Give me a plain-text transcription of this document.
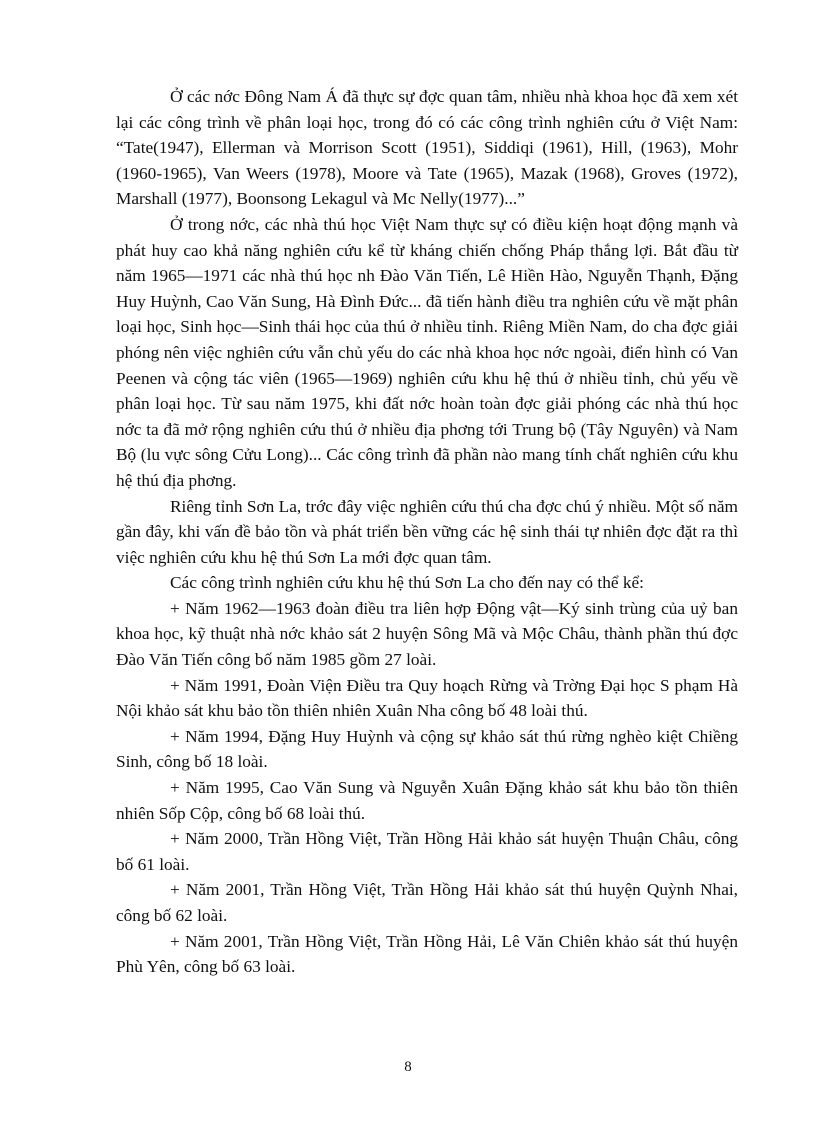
Ở các nớc Đông Nam Á đã thực sự đợc quan tâm, nhiều nhà khoa học đã xem xét lại các công trình về phân loại học, trong đó có các công trình nghiên cứu ở Việt Nam: “Tate(1947), Ellerman và Morrison Scott (1951), Siddiqi (1961), Hill, (1963), Mohr (1960-1965), Van Weers (1978), Moore và Tate (1965), Mazak (1968), Groves (1972), Marshall (1977), Boonsong Lekagul và Mc Nelly(1977)...”

Ở trong nớc, các nhà thú học Việt Nam thực sự có điều kiện hoạt động mạnh và phát huy cao khả năng nghiên cứu kể từ kháng chiến chống Pháp thắng lợi. Bắt đầu từ năm 1965—1971 các nhà thú học nh Đào Văn Tiến, Lê Hiền Hào, Nguyễn Thạnh, Đặng Huy Huỳnh, Cao Văn Sung, Hà Đình Đức... đã tiến hành điều tra nghiên cứu về mặt phân loại học, Sinh học—Sinh thái học của thú ở nhiều tỉnh. Riêng Miền Nam, do cha đợc giải phóng nên việc nghiên cứu vẫn chủ yếu do các nhà khoa học nớc ngoài, điển hình có Van Peenen và cộng tác viên (1965—1969) nghiên cứu khu hệ thú ở nhiều tỉnh, chủ yếu về phân loại học. Từ sau năm 1975, khi đất nớc hoàn toàn đợc giải phóng các nhà thú học nớc ta đã mở rộng nghiên cứu thú ở nhiều địa phơng tới Trung bộ (Tây Nguyên) và Nam Bộ (lu vực sông Cửu Long)... Các công trình đã phần nào mang tính chất nghiên cứu khu hệ thú địa phơng.

Riêng tỉnh Sơn La, trớc đây việc nghiên cứu thú cha đợc chú ý nhiều. Một số năm gần đây, khi vấn đề bảo tồn và phát triển bền vững các hệ sinh thái tự nhiên đợc đặt ra thì việc nghiên cứu khu hệ thú Sơn La mới đợc quan tâm.

Các công trình nghiên cứu khu hệ thú Sơn La cho đến nay có thể kể:

+ Năm 1962—1963 đoàn điều tra liên hợp Động vật—Ký sinh trùng của uỷ ban khoa học, kỹ thuật nhà nớc khảo sát 2 huyện Sông Mã và Mộc Châu, thành phần thú đợc Đào Văn Tiến công bố năm 1985 gồm 27 loài.

+ Năm 1991, Đoàn Viện Điều tra Quy hoạch Rừng và Trờng Đại học S phạm Hà Nội khảo sát khu bảo tồn thiên nhiên Xuân Nha công bố 48 loài thú.

+ Năm 1994, Đặng Huy Huỳnh và cộng sự khảo sát thú rừng nghèo kiệt Chiềng Sinh, công bố 18 loài.

+ Năm 1995, Cao Văn Sung và Nguyễn Xuân Đặng khảo sát khu bảo tồn thiên nhiên Sốp Cộp, công bố 68 loài thú.

+ Năm 2000, Trần Hồng Việt, Trần Hồng Hải khảo sát huyện Thuận Châu, công bố 61 loài.

+ Năm 2001, Trần Hồng Việt, Trần Hồng Hải khảo sát thú huyện Quỳnh Nhai, công bố 62 loài.

+ Năm 2001, Trần Hồng Việt, Trần Hồng Hải, Lê Văn Chiên khảo sát thú huyện Phù Yên, công bố 63 loài.

8
